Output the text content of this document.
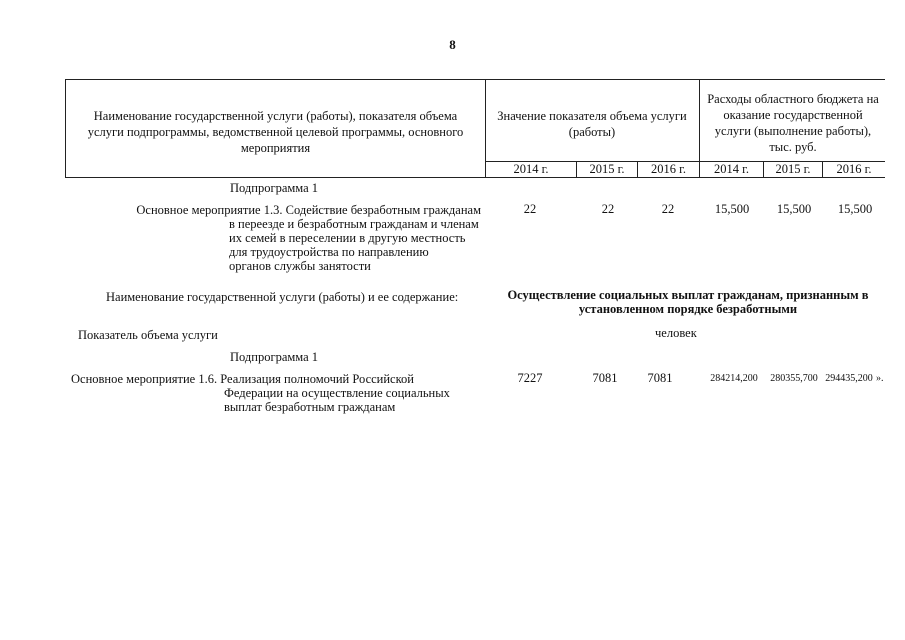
8
Наименование государственной услуги (работы), показателя объема услуги подпрограммы, ведомственной целевой программы, основного мероприятия
Значение показателя объема услуги (работы)
Расходы областного бюджета на оказание государственной услуги (выполнение работы), тыс. руб.
2014 г.	2015 г.	2016 г.	2014 г.	2015 г.	2016 г.
Подпрограмма 1
Основное мероприятие 1.3. Содействие безработным гражданам
в переезде и безработным гражданам и членам
их семей в переселении в другую местность
для трудоустройства по направлению
органов службы занятости
22	22	22	15,500	15,500	15,500
Наименование государственной услуги (работы) и ее содержание:	Осуществление социальных выплат гражданам, признанным в установленном порядке безработными
Показатель объема услуги	человек
Подпрограмма 1
Основное мероприятие 1.6. Реализация полномочий Российской
Федерации на осуществление социальных
выплат безработным гражданам
7227	7081	7081	284214,200	280355,700 294435,200 ».
